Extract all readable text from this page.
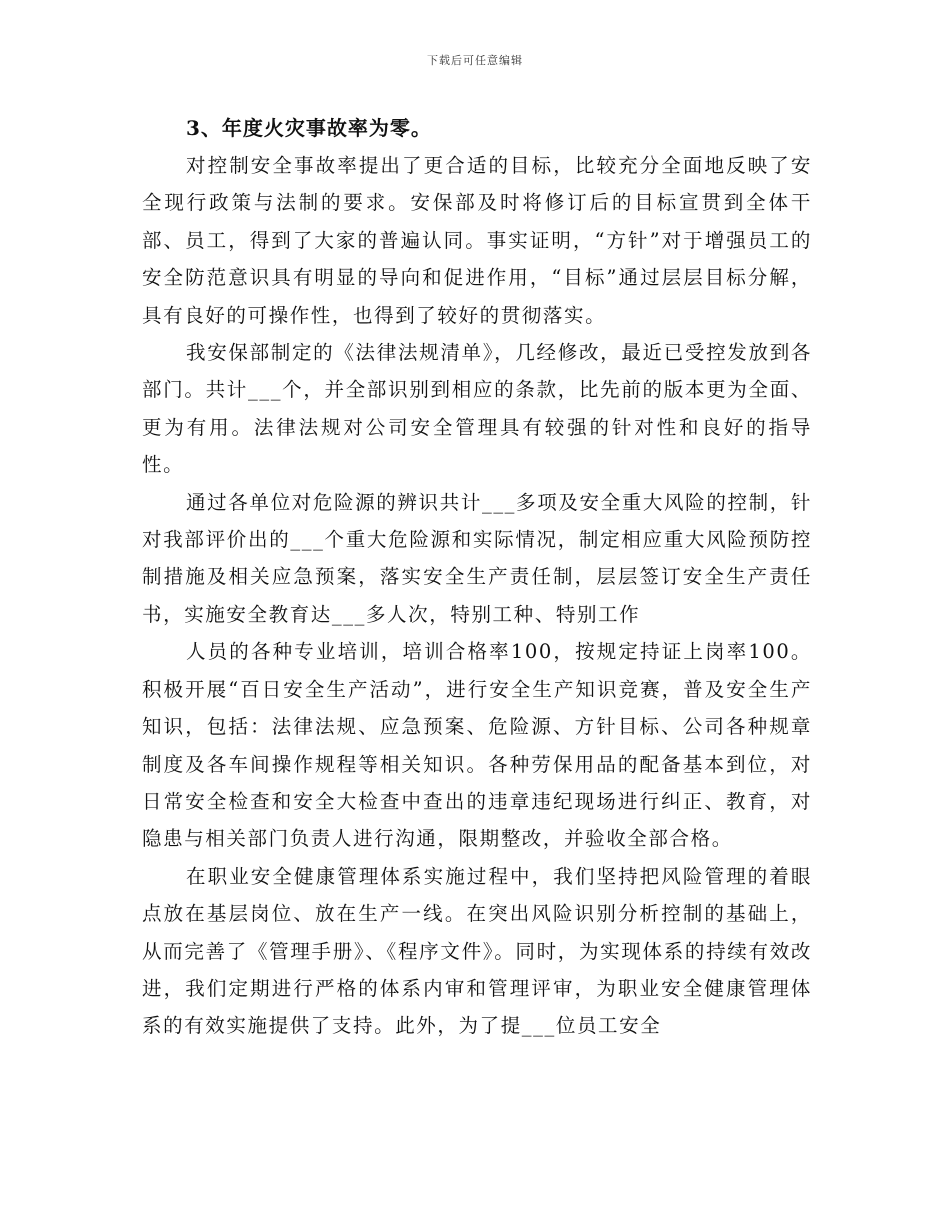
下载后可任意编辑

3、年度火灾事故率为零。

对控制安全事故率提出了更合适的目标，比较充分全面地反映了安全现行政策与法制的要求。安保部及时将修订后的目标宣贯到全体干部、员工，得到了大家的普遍认同。事实证明，“方针”对于增强员工的安全防范意识具有明显的导向和促进作用，“目标”通过层层目标分解，具有良好的可操作性，也得到了较好的贯彻落实。

我安保部制定的《法律法规清单》，几经修改，最近已受控发放到各部门。共计___个，并全部识别到相应的条款，比先前的版本更为全面、更为有用。法律法规对公司安全管理具有较强的针对性和良好的指导性。

通过各单位对危险源的辨识共计___多项及安全重大风险的控制，针对我部评价出的___个重大危险源和实际情况，制定相应重大风险预防控制措施及相关应急预案，落实安全生产责任制，层层签订安全生产责任书，实施安全教育达___多人次，特别工种、特别工作

人员的各种专业培训，培训合格率100，按规定持证上岗率100。积极开展“百日安全生产活动”，进行安全生产知识竞赛，普及安全生产知识，包括：法律法规、应急预案、危险源、方针目标、公司各种规章制度及各车间操作规程等相关知识。各种劳保用品的配备基本到位，对日常安全检查和安全大检查中查出的违章违纪现场进行纠正、教育，对隐患与相关部门负责人进行沟通，限期整改，并验收全部合格。

在职业安全健康管理体系实施过程中，我们坚持把风险管理的着眼点放在基层岗位、放在生产一线。在突出风险识别分析控制的基础上，从而完善了《管理手册》、《程序文件》。同时，为实现体系的持续有效改进，我们定期进行严格的体系内审和管理评审，为职业安全健康管理体系的有效实施提供了支持。此外，为了提___位员工安全
